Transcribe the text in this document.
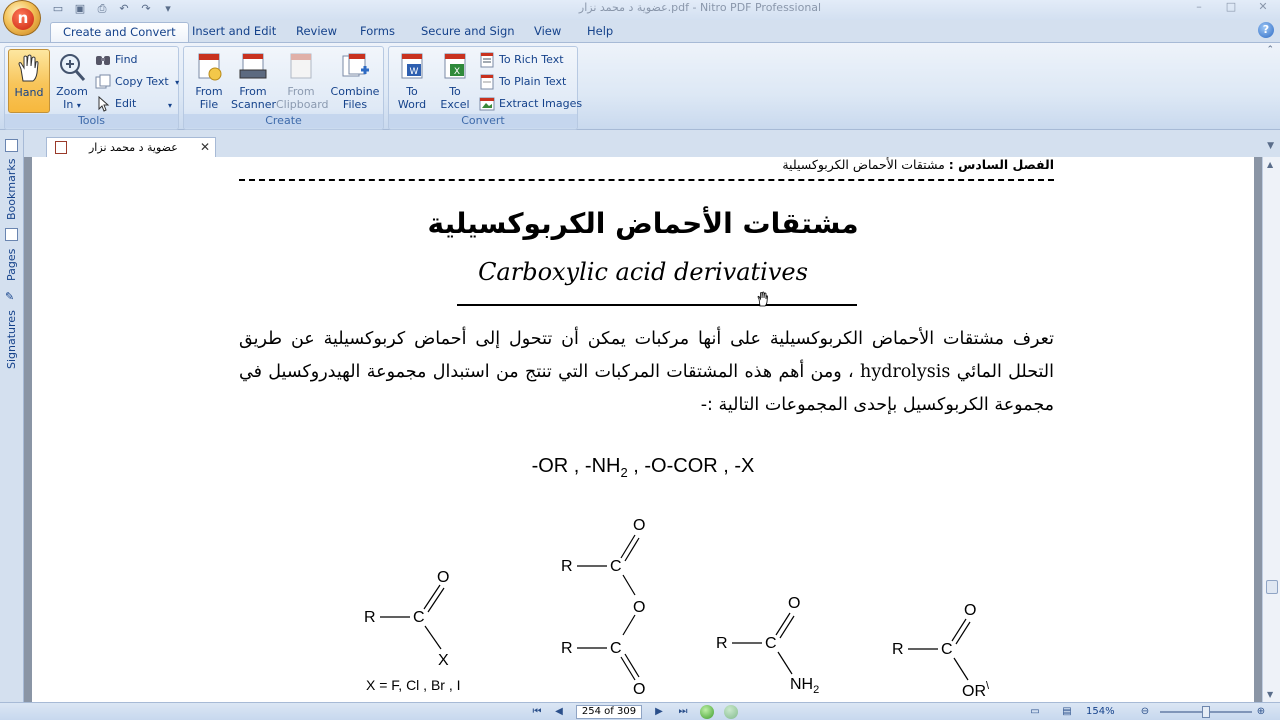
▭ ▣	⎙	↶	↷	▾	عضوية د محمد نزار.pdf - Nitro PDF Professional	–	□	✕
n
Create and Convert	Insert and Edit	Review	Forms	Secure and Sign	View	Help	?
Hand	Zoom
In ▾
Find
Copy Text ▾
Edit	▾
Tools
From
File
From
Scanner
From
Clipboard
Combine
Files
Create
W
To
Word
X
To
Excel
To Rich Text
To Plain Text
Extract Images
Convert
⌃
Bookmarks
Pages
✎
Signatures
عضوية د محمد نزار ✕	▼
الفصل السادس : مشتقات الأحماض الكربوكسيلية
مشتقات الأحماض الكربوكسيلية
Carboxylic acid derivatives
تعرف مشتقات الأحماض الكربوكسيلية على أنها مركبات يمكن أن تتحول إلى أحماض كربوكسيلية عن طريق التحلل المائي hydrolysis ، ومن أهم هذه المشتقات المركبات التي تنتج من استبدال مجموعة الهيدروكسيل في مجموعة الكربوكسيل بإحدى المجموعات التالية :-
-OR , $-NH_2$ , -O-COR , -X
R C
O
X
X = F, Cl , Br , I
R C
O
O
R C
O
R C
O
$NH_2$
R C
O
OR\
▲
▼
⏮	◀	254 of 309	▶	⏭	▭ ▤ 154%	⊖	⊕
